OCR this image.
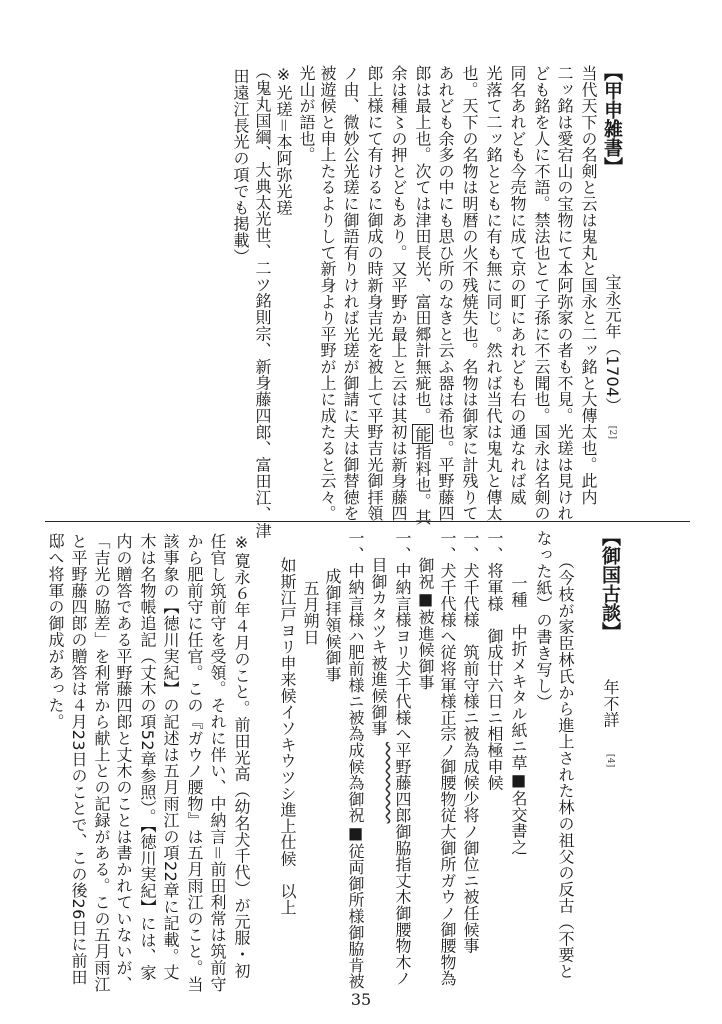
【甲申雑書】宝永元年（1704）[2]
当代天下の名剣と云は鬼丸と国永と二ッ銘と大傳太也。此内
二ッ銘は愛宕山の宝物にて本阿弥家の者も不見。光瑳は見けれ
ども銘を人に不語。禁法也とて子孫に不云聞也。国永は名剣の
同名あれども今売物に成て京の町にあれども右の通なれば威
光落て二ッ銘とともに有も無に同じ。然れば当代は鬼丸と傳太
也。天下の名物は明暦の火不残焼失也。名物は御家に計残りて
あれども余多の中にも思ひ所のなきと云ふ器は希也。平野藤四
郎は最上也。次ては津田長光、富田郷計無疵也。能指料也。其
余は種〻の押とどもあり。又平野か最上と云は其初は新身藤四
郎上様にて有けるに御成の時新身吉光を被上て平野吉光御拝領
ノ由、微妙公光瑳に御語有りければ光瑳が御請に夫は御替徳を
被遊候と申上たるよりして新身より平野が上に成たると云々。
光山が語也。
※光瑳＝本阿弥光瑳
（鬼丸国綱、大典太光世、二ツ銘則宗、新身藤四郎、富田江、津
田遠江長光の項でも掲載）
【御国古談】年不詳[4]
（今枝が家臣林氏から進上された林の祖父の反古（不要と
なった紙）の書き写し）
一種　中折メキタル紙ニ草■名交書之
一、将軍様　御成廿六日ニ相極申候
一、犬千代様　筑前守様ニ被為成候少将ノ御位ニ被任候事
一、犬千代様へ従将軍様正宗ノ御腰物従大御所ガウノ御腰物為
御祝■被進候御事
一、中納言様ヨリ犬千代様へ平野藤四郎御脇指丈木御腰物木ノ
目御カタツキ被進候御事
一、中納言様ハ肥前様ニ被為成候為御祝■従両御所様御脇肯被
成御拝領候御事
五月朔日
如斯江戸ヨリ申来候イソキウツシ進上仕候　以上
※寛永６年４月のこと。前田光高（幼名犬千代）が元服・初
任官し筑前守を受領。それに伴い、中納言＝前田利常は筑前守
から肥前守に任官。この『ガウノ腰物』は五月雨江のこと。当
該事象の【徳川実紀】の記述は五月雨江の項22章に記載。丈
木は名物帳追記（丈木の項52章参照）。【徳川実紀】には、家
内の贈答である平野藤四郎と丈木のことは書かれていないが、
「吉光の脇差」を利常から献上との記録がある。この五月雨江
と平野藤四郎の贈答は４月23日のことで、この後26日に前田
邸へ将軍の御成があった。
35
